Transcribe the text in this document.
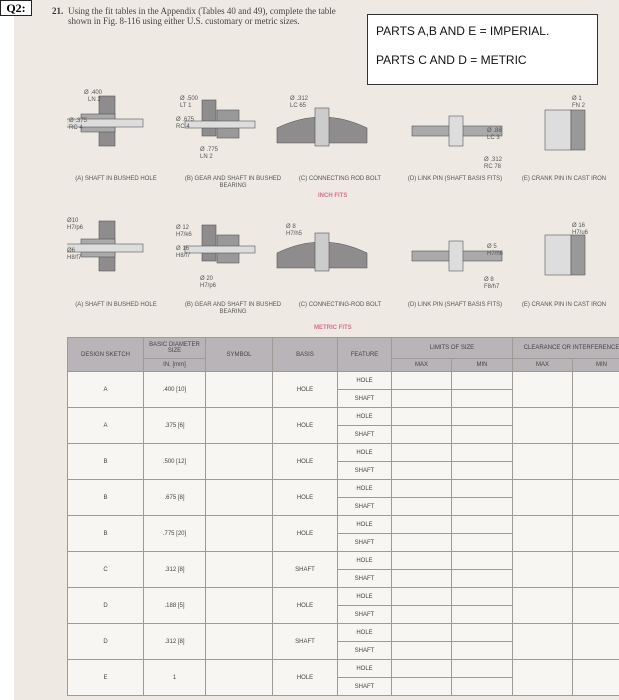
Q2:	21. Using the fit tables in the Appendix (Tables 40 and 49), complete the table shown in Fig. 8-116 using either U.S. customary or metric sizes.
PARTS A,B AND E = IMPERIAL.
PARTS C AND D = METRIC
Ø .400
LN 2
Ø .375
RC 4
Ø .500
LT 1
Ø .675
RC 4
Ø .775
LN 2
Ø .312
LC 65
Ø .88
LC 3
Ø .312
RC 78
Ø 1
FN 2
(A) SHAFT IN BUSHED HOLE	(B) GEAR AND SHAFT IN BUSHED BEARING
(C) CONNECTING ROD BOLT	(D) LINK PIN (SHAFT BASIS FITS)	(E) CRANK PIN IN CAST IRON
INCH FITS
Ø10
H7/p6
Ø6
H8/f7
Ø 12
H7/k6
Ø 16
H8/f7
Ø 20
H7/p6
Ø 8
H7/h5
Ø 5
H7/h6
Ø 8
F8/h7
Ø 16
H7/u6
(A) SHAFT IN BUSHED HOLE	(B) GEAR AND SHAFT IN BUSHED BEARING
(C) CONNECTING-ROD BOLT	(D) LINK PIN (SHAFT BASIS FITS)	(E) CRANK PIN IN CAST IRON
METRIC FITS
DESIGN SKETCH	BASIC DIAMETER SIZE	SYMBOL	BASIS	FEATURE	LIMITS OF SIZE		CLEARANCE OR INTERFERENCE	
	IN. [mm]				MAX	MIN	MAX	MIN
A	.400 [10]		HOLE	HOLE				
				SHAFT				
A	.375 [6]		HOLE	HOLE				
				SHAFT				
B	.500 [12]		HOLE	HOLE				
				SHAFT				
B	.675 [8]		HOLE	HOLE				
				SHAFT				
B	.775 [20]		HOLE	HOLE				
				SHAFT				
C	.312 [8]		SHAFT	HOLE				
				SHAFT				
D	.188 [5]		HOLE	HOLE				
				SHAFT				
D	.312 [8]		SHAFT	HOLE				
				SHAFT				
E	1		HOLE	HOLE				
				SHAFT				
